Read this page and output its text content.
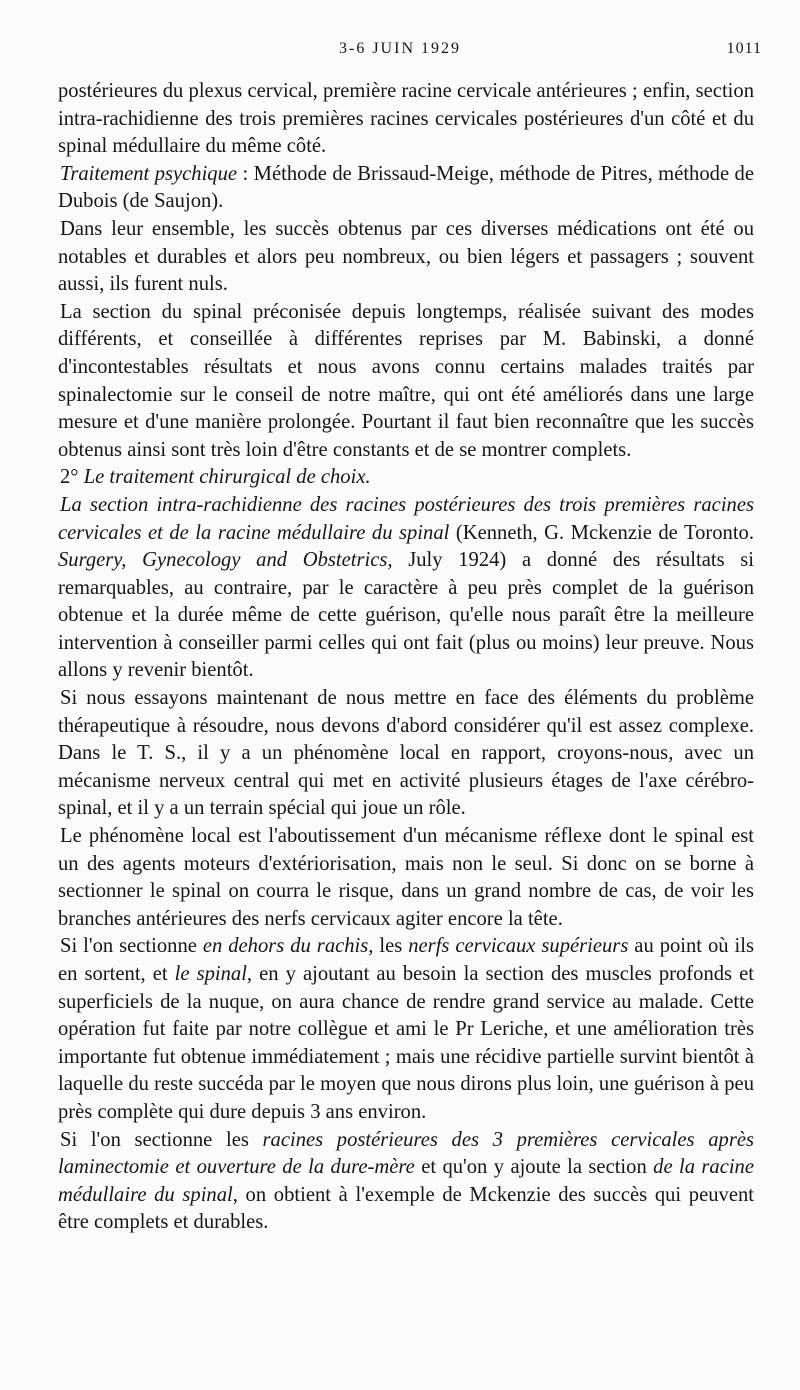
3-6 JUIN 1929	1011

postérieures du plexus cervical, première racine cervicale antérieures ; enfin, section intra-rachidienne des trois premières racines cervicales postérieures d'un côté et du spinal médullaire du même côté.

Traitement psychique : Méthode de Brissaud-Meige, méthode de Pitres, méthode de Dubois (de Saujon).

Dans leur ensemble, les succès obtenus par ces diverses médications ont été ou notables et durables et alors peu nombreux, ou bien légers et passagers ; souvent aussi, ils furent nuls.

La section du spinal préconisée depuis longtemps, réalisée suivant des modes différents, et conseillée à différentes reprises par M. Babinski, a donné d'incontestables résultats et nous avons connu certains malades traités par spinalectomie sur le conseil de notre maître, qui ont été améliorés dans une large mesure et d'une manière prolongée. Pourtant il faut bien reconnaître que les succès obtenus ainsi sont très loin d'être constants et de se montrer complets.

2° Le traitement chirurgical de choix.

La section intra-rachidienne des racines postérieures des trois premières racines cervicales et de la racine médullaire du spinal (Kenneth, G. Mckenzie de Toronto. Surgery, Gynecology and Obstetrics, July 1924) a donné des résultats si remarquables, au contraire, par le caractère à peu près complet de la guérison obtenue et la durée même de cette guérison, qu'elle nous paraît être la meilleure intervention à conseiller parmi celles qui ont fait (plus ou moins) leur preuve. Nous allons y revenir bientôt.

Si nous essayons maintenant de nous mettre en face des éléments du problème thérapeutique à résoudre, nous devons d'abord considérer qu'il est assez complexe. Dans le T. S., il y a un phénomène local en rapport, croyons-nous, avec un mécanisme nerveux central qui met en activité plusieurs étages de l'axe cérébro-spinal, et il y a un terrain spécial qui joue un rôle.

Le phénomène local est l'aboutissement d'un mécanisme réflexe dont le spinal est un des agents moteurs d'extériorisation, mais non le seul. Si donc on se borne à sectionner le spinal on courra le risque, dans un grand nombre de cas, de voir les branches antérieures des nerfs cervicaux agiter encore la tête.

Si l'on sectionne en dehors du rachis, les nerfs cervicaux supérieurs au point où ils en sortent, et le spinal, en y ajoutant au besoin la section des muscles profonds et superficiels de la nuque, on aura chance de rendre grand service au malade. Cette opération fut faite par notre collègue et ami le Pr Leriche, et une amélioration très importante fut obtenue immédiatement ; mais une récidive partielle survint bientôt à laquelle du reste succéda par le moyen que nous dirons plus loin, une guérison à peu près complète qui dure depuis 3 ans environ.

Si l'on sectionne les racines postérieures des 3 premières cervicales après laminectomie et ouverture de la dure-mère et qu'on y ajoute la section de la racine médullaire du spinal, on obtient à l'exemple de Mckenzie des succès qui peuvent être complets et durables.
